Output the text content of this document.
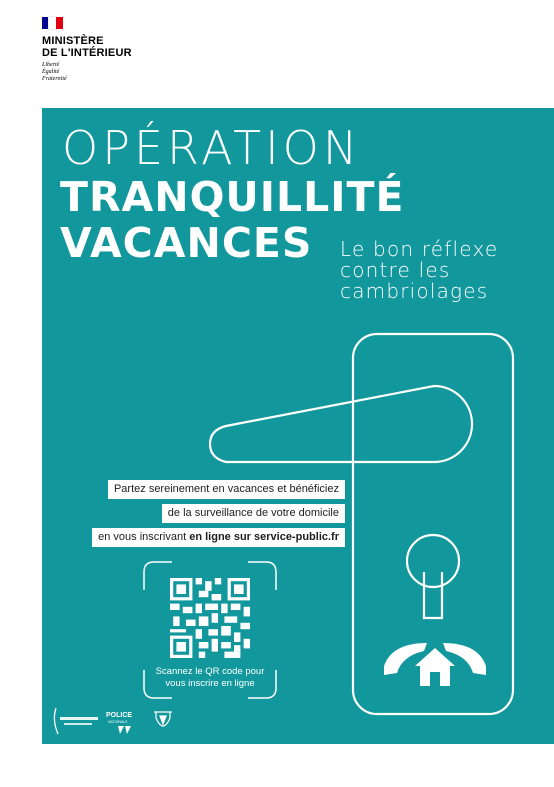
MINISTÈRE
DE L'INTÉRIEUR
Liberté
Égalité
Fraternité
OPÉRATION
TRANQUILLITÉ
VACANCES Le bon réflexe
contre les
cambriolages
Partez sereinement en vacances et bénéficiez
de la surveillance de votre domicile
en vous inscrivant en ligne sur service-public.fr
Scannez le QR code pour
vous inscrire en ligne
POLICE
NATIONALE
